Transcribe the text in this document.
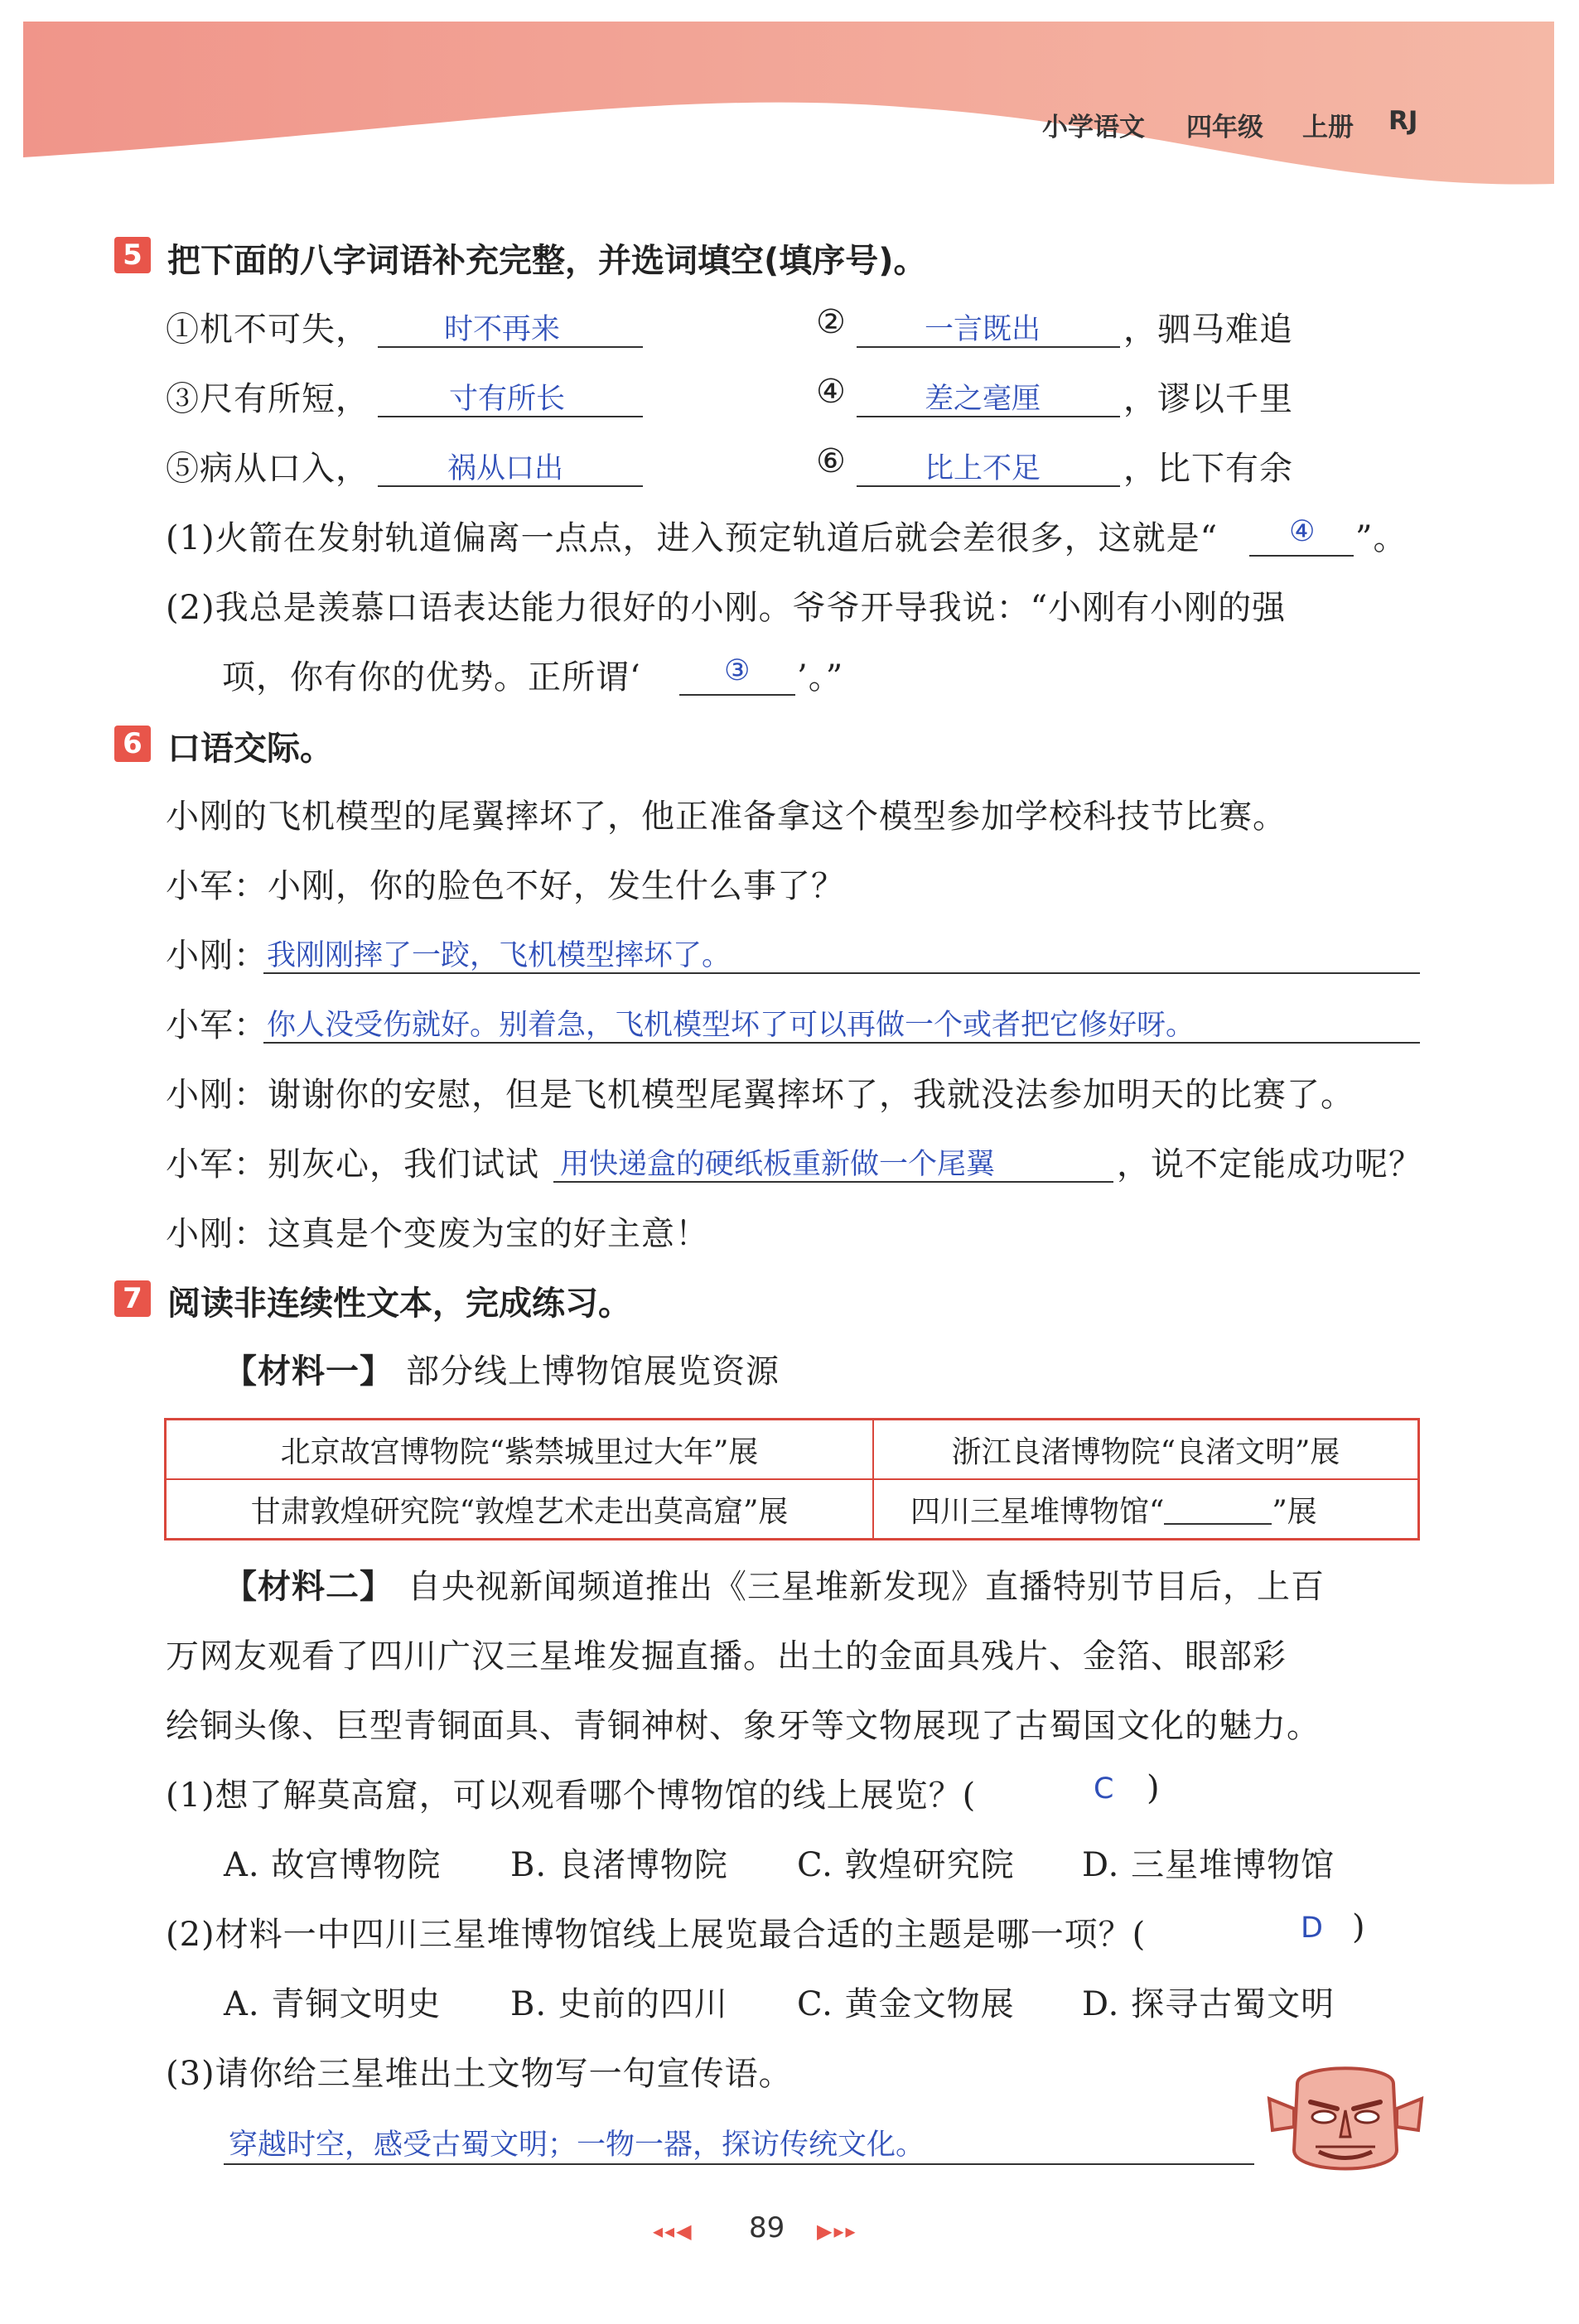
小学语文 四年级 上册 RJ
5 把下面的八字词语补充完整，并选词填空(填序号)。
①机不可失，	时不再来	②	一言既出 ，驷马难追
③尺有所短，	寸有所长	④	差之毫厘 ，谬以千里
⑤病从口入，	祸从口出	⑥	比上不足 ，比下有余
(1)火箭在发射轨道偏离一点点，进入预定轨道后就会差很多，这就是“ ④ ”。
(2)我总是羡慕口语表达能力很好的小刚。爷爷开导我说：“小刚有小刚的强
项，你有你的优势。正所谓‘	③ ’。”
6 口语交际。
小刚的飞机模型的尾翼摔坏了，他正准备拿这个模型参加学校科技节比赛。
小军：小刚，你的脸色不好，发生什么事了？
小刚： 我刚刚摔了一跤，飞机模型摔坏了。
小军： 你人没受伤就好。别着急，飞机模型坏了可以再做一个或者把它修好呀。
小刚：谢谢你的安慰，但是飞机模型尾翼摔坏了，我就没法参加明天的比赛了。
小军：别灰心，我们试试 用快递盒的硬纸板重新做一个尾翼	，说不定能成功呢？
小刚：这真是个变废为宝的好主意！
7 阅读非连续性文本，完成练习。
【材料一】 部分线上博物馆展览资源
北京故宫博物院“紫禁城里过大年”展	浙江良渚博物院“良渚文明”展
甘肃敦煌研究院“敦煌艺术走出莫高窟”展	四川三星堆博物馆“ ”展
【材料二】 自央视新闻频道推出《三星堆新发现》直播特别节目后，上百
万网友观看了四川广汉三星堆发掘直播。出土的金面具残片、金箔、眼部彩
绘铜头像、巨型青铜面具、青铜神树、象牙等文物展现了古蜀国文化的魅力。
(1)想了解莫高窟，可以观看哪个博物馆的线上展览？(	C )
A. 故宫博物院 B. 良渚博物院 C. 敦煌研究院 D. 三星堆博物馆
(2)材料一中四川三星堆博物馆线上展览最合适的主题是哪一项？(	D )
A. 青铜文明史 B. 史前的四川 C. 黄金文物展 D. 探寻古蜀文明
(3)请你给三星堆出土文物写一句宣传语。
穿越时空，感受古蜀文明；一物一器，探访传统文化。
◂◂◀ 89 ▶▸▸
